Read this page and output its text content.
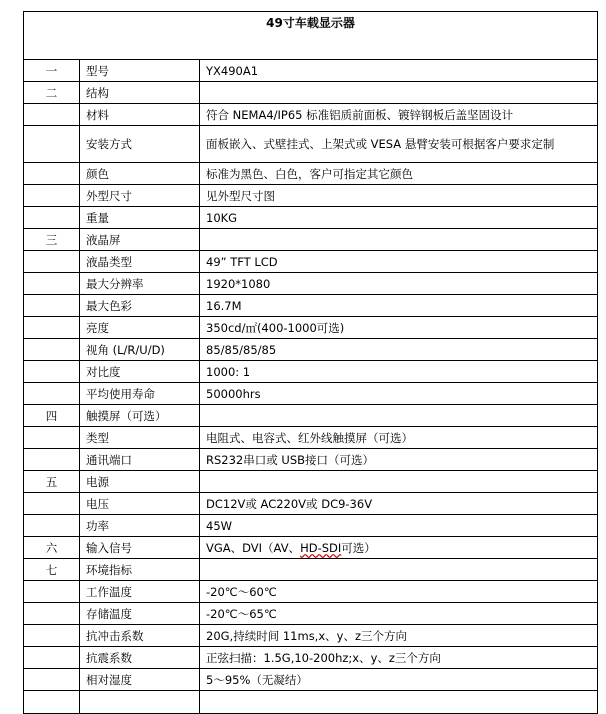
49寸车载显示器		
一	型号	YX490A1
二	结构	
	材料	符合 NEMA4/IP65 标准铝质前面板、镀锌钢板后盖坚固设计
	安装方式	面板嵌入、式壁挂式、上架式或 VESA 悬臂安装可根据客户要求定制
	颜色	标准为黑色、白色，客户可指定其它颜色
	外型尺寸	见外型尺寸图
	重量	10KG
三	液晶屏	
	液晶类型	49” TFT LCD
	最大分辨率	1920*1080
	最大色彩	16.7M
	亮度	350cd/㎡(400-1000可选)
	视角 (L/R/U/D)	85/85/85/85
	对比度	1000: 1
	平均使用寿命	50000hrs
四	触摸屏（可选）	
	类型	电阻式、电容式、红外线触摸屏（可选）
	通讯端口	RS232串口或 USB接口（可选）
五	电源	
	电压	DC12V或 AC220V或 DC9-36V
	功率	45W
六	输入信号	VGA、DVI（AV、HD-SDI可选）
七	环境指标	
	工作温度	-20℃～60℃
	存储温度	-20℃～65℃
	抗冲击系数	20G,持续时间 11ms,x、y、z三个方向
	抗震系数	正弦扫描：1.5G,10-200hz;x、y、z三个方向
	相对湿度	5～95%（无凝结）
